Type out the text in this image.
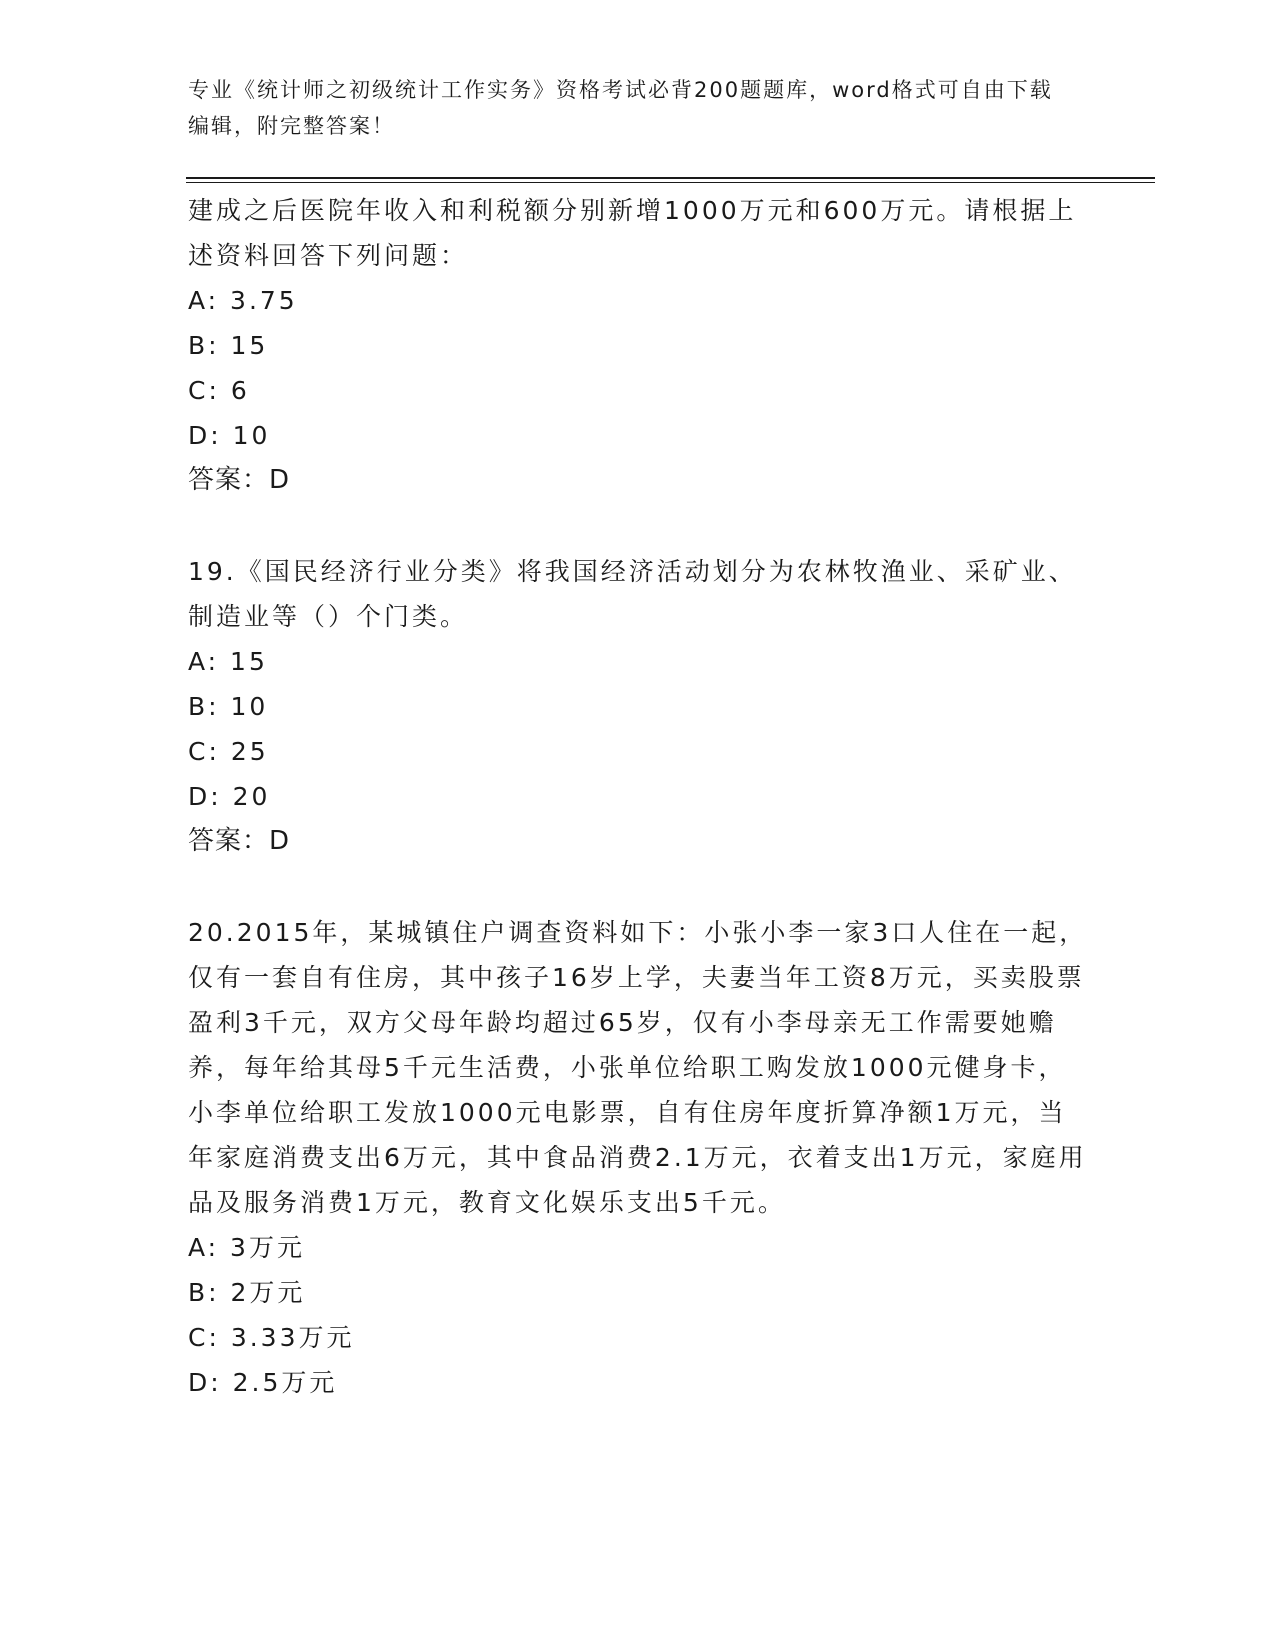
专业《统计师之初级统计工作实务》资格考试必背200题题库，word格式可自由下载编辑，附完整答案！

建成之后医院年收入和利税额分别新增1000万元和600万元。请根据上述资料回答下列问题：

A: 3.75

B: 15

C: 6

D: 10

答案：D

19.《国民经济行业分类》将我国经济活动划分为农林牧渔业、采矿业、制造业等（）个门类。

A: 15

B: 10

C: 25

D: 20

答案：D

20.2015年，某城镇住户调查资料如下：小张小李一家3口人住在一起，仅有一套自有住房，其中孩子16岁上学，夫妻当年工资8万元，买卖股票盈利3千元，双方父母年龄均超过65岁，仅有小李母亲无工作需要她赡养，每年给其母5千元生活费，小张单位给职工购发放1000元健身卡，小李单位给职工发放1000元电影票，自有住房年度折算净额1万元，当年家庭消费支出6万元，其中食品消费2.1万元，衣着支出1万元，家庭用品及服务消费1万元，教育文化娱乐支出5千元。

A: 3万元

B: 2万元

C: 3.33万元

D: 2.5万元
